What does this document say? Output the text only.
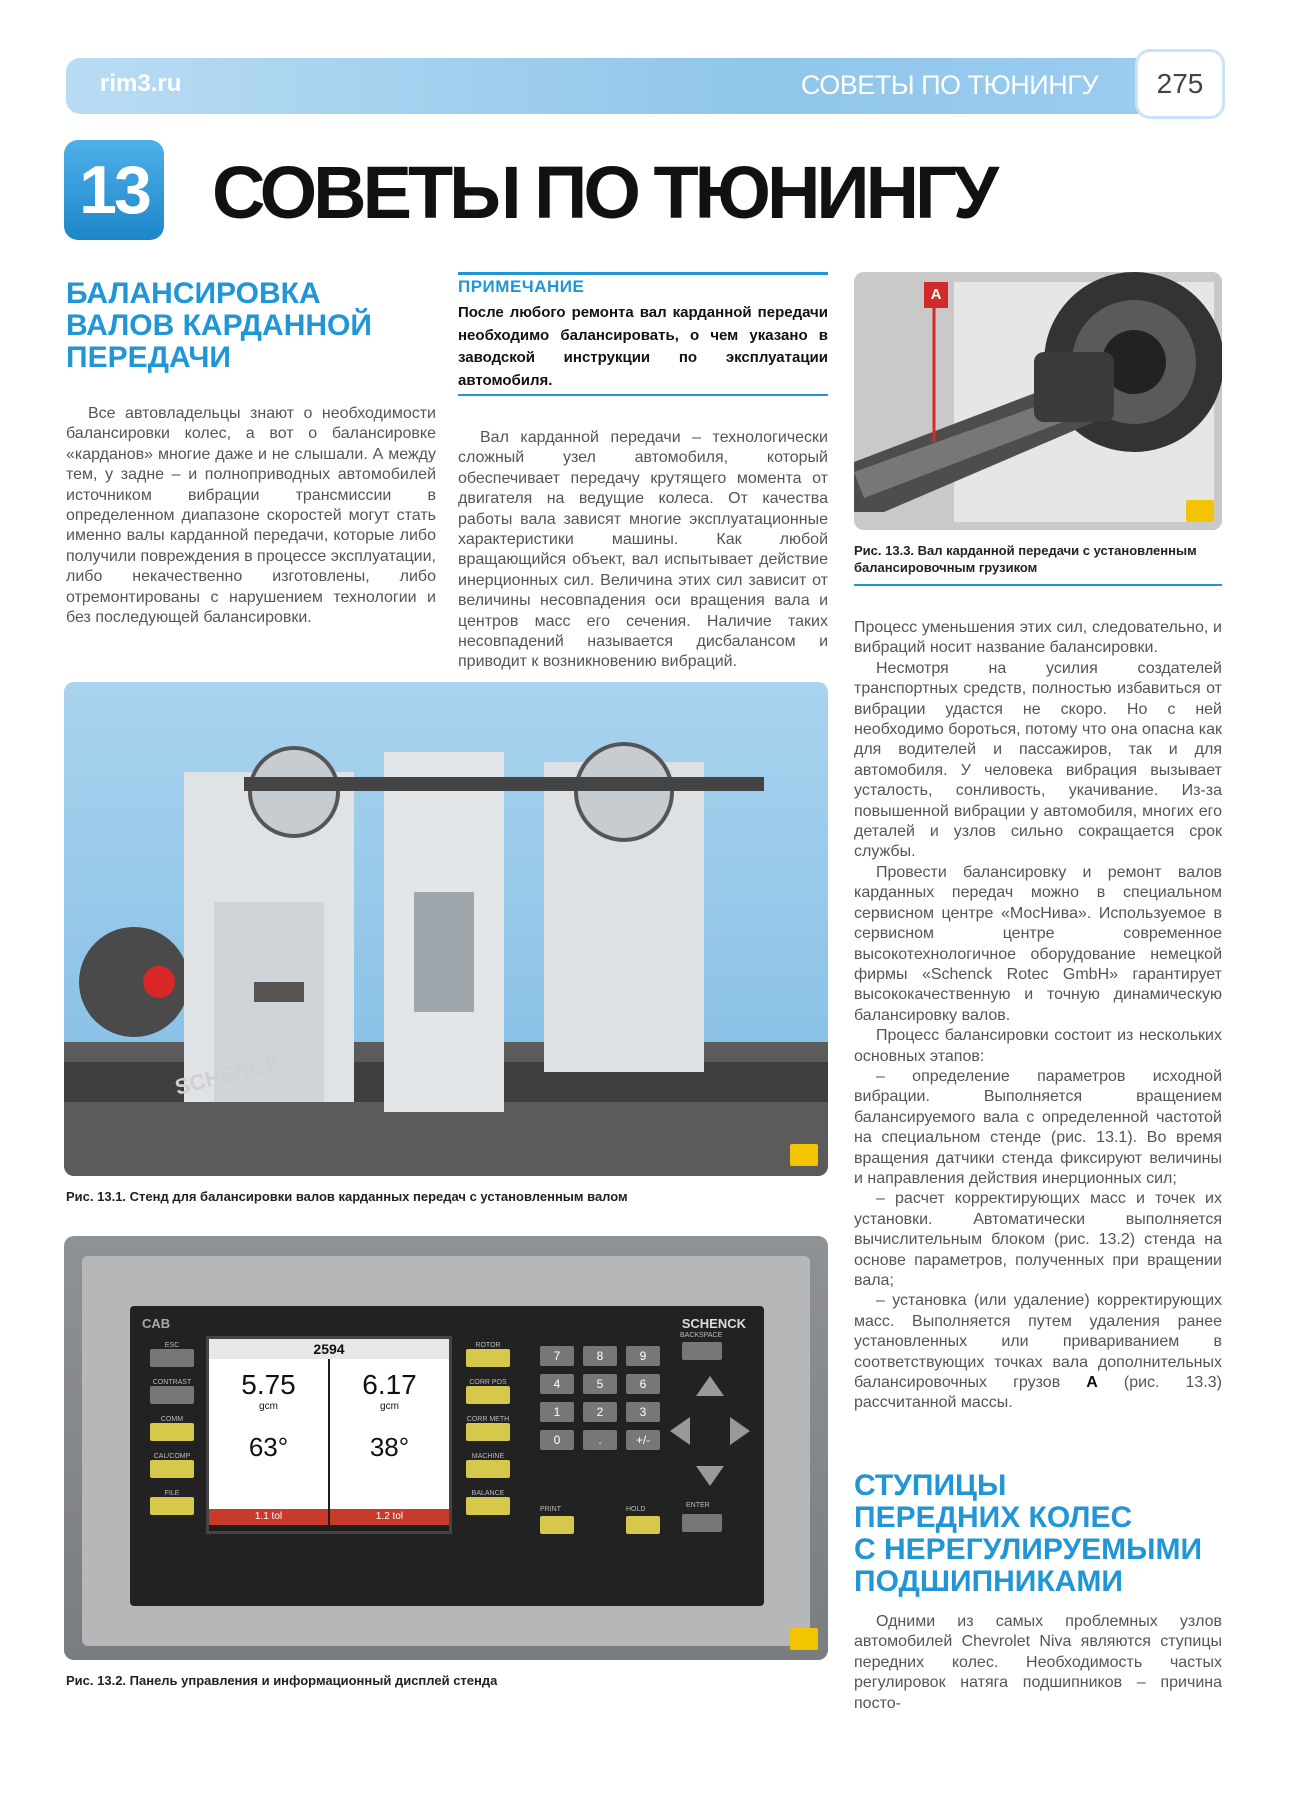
rim3.ru	СОВЕТЫ ПО ТЮНИНГУ	275
13 СОВЕТЫ ПО ТЮНИНГУ
БАЛАНСИРОВКА
ВАЛОВ КАРДАННОЙ
ПЕРЕДАЧИ

Все автовладельцы знают о необходимости балансировки колес, а вот о балансировке «карданов» многие даже и не слышали. А между тем, у задне – и полноприводных автомобилей источником вибрации трансмиссии в определенном диапазоне скоростей могут стать именно валы карданной передачи, которые либо получили повреждения в процессе эксплуатации, либо некачественно изготовлены, либо отремонтированы с нарушением технологии и без последующей балансировки.

ПРИМЕЧАНИЕ
После любого ремонта вал карданной передачи необходимо балансировать, о чем указано в заводской инструкции по эксплуатации автомобиля.

Вал карданной передачи – технологически сложный узел автомобиля, который обеспечивает передачу крутящего момента от двигателя на ведущие колеса. От качества работы вала зависят многие эксплуатационные характеристики машины. Как любой вращающийся объект, вал испытывает действие инерционных сил. Величина этих сил зависит от величины несовпадения оси вращения вала и центров масс его сечения. Наличие таких несовпадений называется дисбалансом и приводит к возникновению вибраций.

A
Рис. 13.3. Вал карданной передачи с установленным балансировочным грузиком

Процесс уменьшения этих сил, следовательно, и вибраций носит название балансировки.

Несмотря на усилия создателей транспортных средств, полностью избавиться от вибрации удастся не скоро. Но с ней необходимо бороться, потому что она опасна как для водителей и пассажиров, так и для автомобиля. У человека вибрация вызывает усталость, сонливость, укачивание. Из-за повышенной вибрации у автомобиля, многих его деталей и узлов сильно сокращается срок службы.

Провести балансировку и ремонт валов карданных передач можно в специальном сервисном центре «МосНива». Используемое в сервисном центре современное высокотехнологичное оборудование немецкой фирмы «Schenck Rotec GmbH» гарантирует высококачественную и точную динамическую балансировку валов.

Процесс балансировки состоит из нескольких основных этапов:

– определение параметров исходной вибрации. Выполняется вращением балансируемого вала с определенной частотой на специальном стенде (рис. 13.1). Во время вращения датчики стенда фиксируют величины и направления действия инерционных сил;

– расчет корректирующих масс и точек их установки. Автоматически выполняется вычислительным блоком (рис. 13.2) стенда на основе параметров, полученных при вращении вала;

– установка (или удаление) корректирующих масс. Выполняется путем удаления ранее установленных или привариванием в соответствующих точках вала дополнительных балансировочных грузов A (рис. 13.3) рассчитанной массы.

SCHENCK
Рис. 13.1. Стенд для балансировки валов карданных передач с установленным валом
CAB	SCHENCK
ESC
CONTRAST
COMM
CAL/COMP
FILE
2594
5.75
gcm
63°
6.17
gcm
38°
1.1 tol	1.2 tol
ROTOR
CORR POS
CORR METH
MACHINE
BALANCE
7	8	9
4	5	6
1	2	3
0	.	+/-
PRINT	HOLD
BACKSPACE
ENTER
Рис. 13.2. Панель управления и информационный дисплей стенда
СТУПИЦЫ
ПЕРЕДНИХ КОЛЕС
С НЕРЕГУЛИРУЕМЫМИ
ПОДШИПНИКАМИ

Одними из самых проблемных узлов автомобилей Chevrolet Niva являются ступицы передних колес. Необходимость частых регулировок натяга подшипников – причина посто-
